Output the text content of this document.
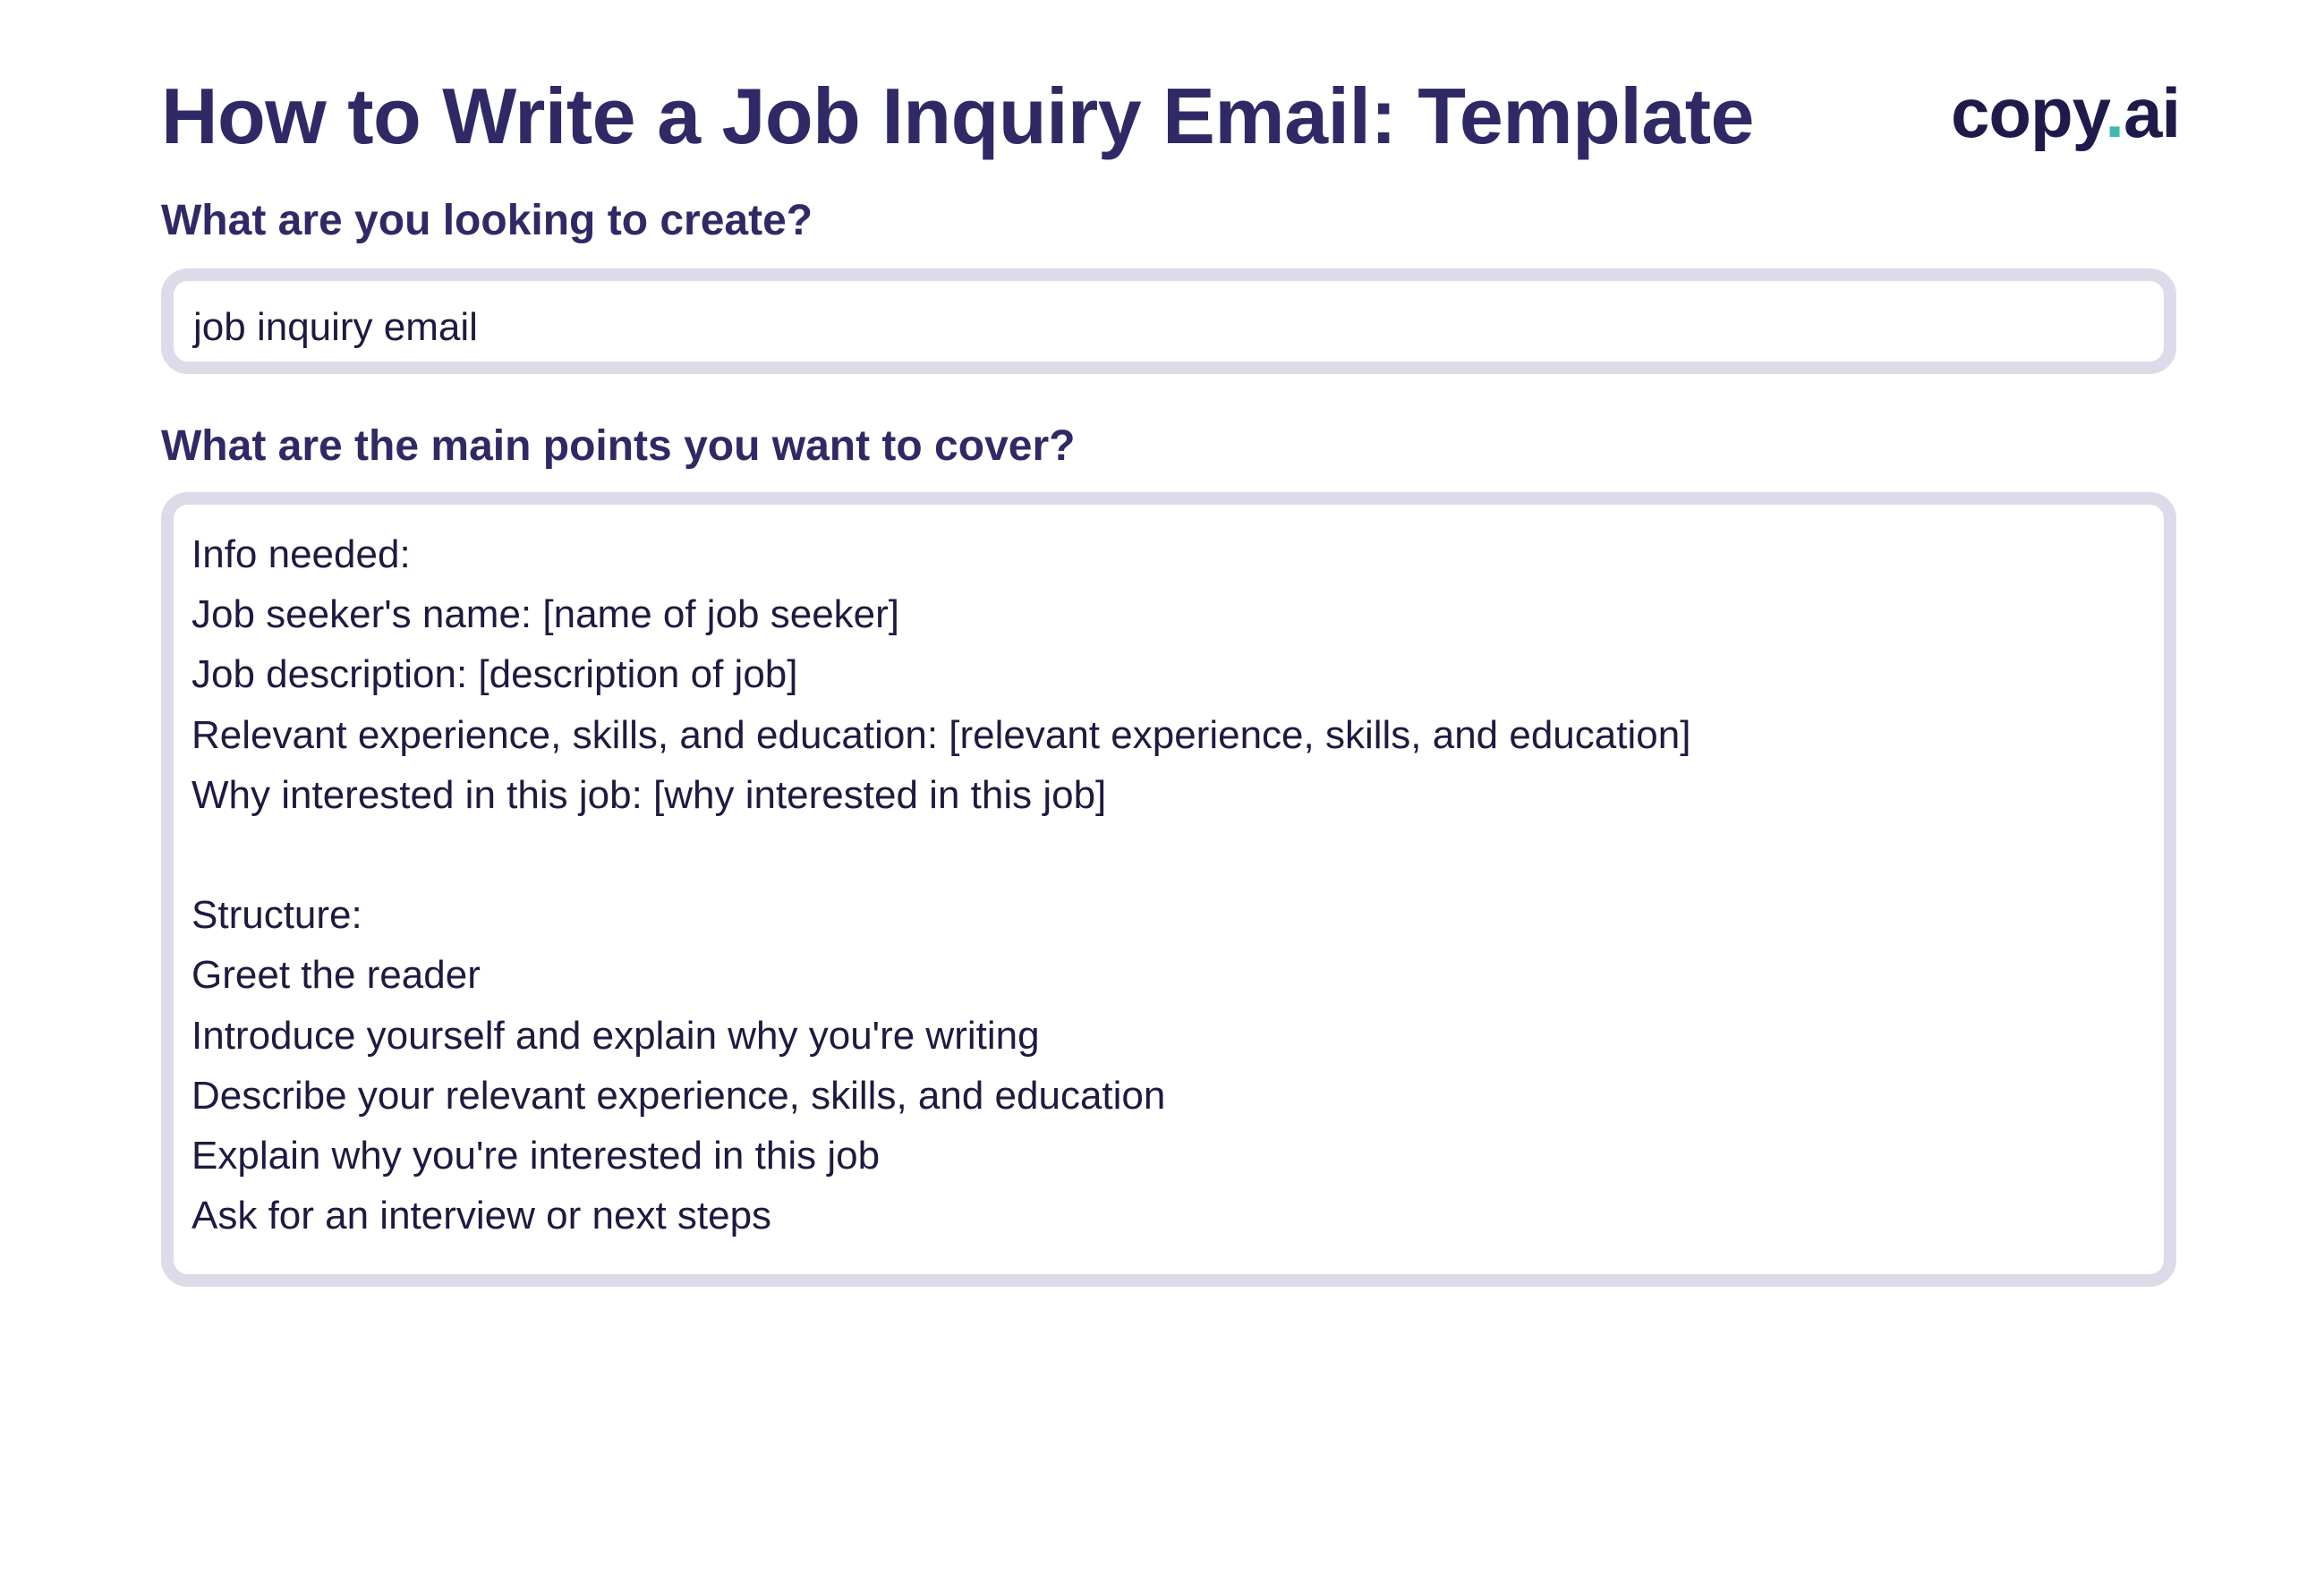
How to Write a Job Inquiry Email: Template	copy.ai
What are you looking to create?
job inquiry email
What are the main points you want to cover?
Info needed:
Job seeker's name: [name of job seeker]
Job description: [description of job]
Relevant experience, skills, and education: [relevant experience, skills, and education]
Why interested in this job: [why interested in this job]
Structure:
Greet the reader
Introduce yourself and explain why you're writing
Describe your relevant experience, skills, and education
Explain why you're interested in this job
Ask for an interview or next steps
